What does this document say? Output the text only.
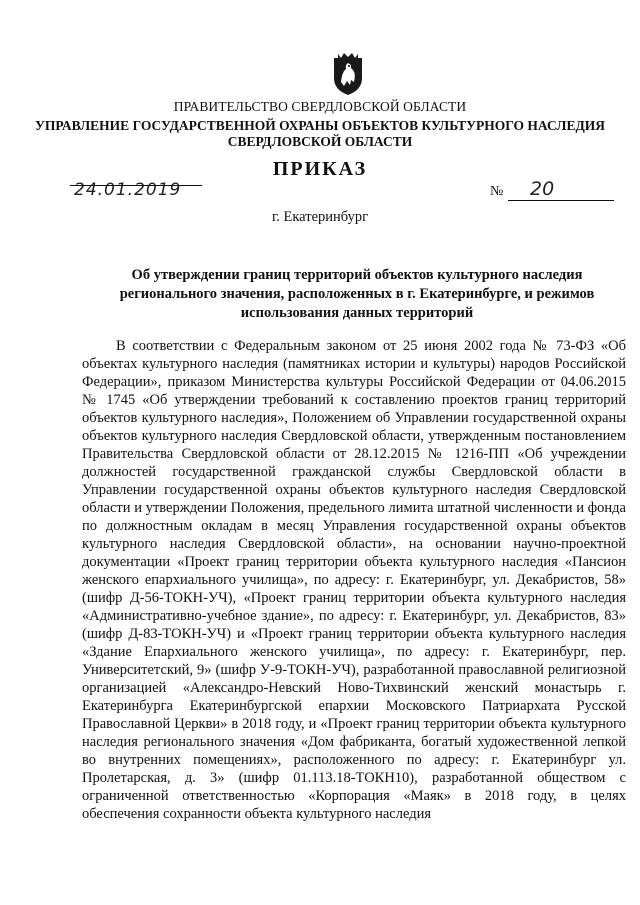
ПРАВИТЕЛЬСТВО СВЕРДЛОВСКОЙ ОБЛАСТИ
УПРАВЛЕНИЕ ГОСУДАРСТВЕННОЙ ОХРАНЫ ОБЪЕКТОВ КУЛЬТУРНОГО НАСЛЕДИЯ
СВЕРДЛОВСКОЙ ОБЛАСТИ
ПРИКАЗ
24.01.2019	№ 20
г. Екатеринбург
Об утверждении границ территорий объектов культурного наследия
регионального значения, расположенных в г. Екатеринбурге, и режимов
использования данных территорий

В соответствии с Федеральным законом от 25 июня 2002 года № 73-ФЗ «Об объектах культурного наследия (памятниках истории и культуры) народов Российской Федерации», приказом Министерства культуры Российской Федерации от 04.06.2015 № 1745 «Об утверждении требований к составлению проектов границ территорий объектов культурного наследия», Положением об Управлении государственной охраны объектов культурного наследия Свердловской области, утвержденным постановлением Правительства Свердловской области от 28.12.2015 № 1216-ПП «Об учреждении должностей государственной гражданской службы Свердловской области в Управлении государственной охраны объектов культурного наследия Свердловской области и утверждении Положения, предельного лимита штатной численности и фонда по должностным окладам в месяц Управления государственной охраны объектов культурного наследия Свердловской области», на основании научно-проектной документации «Проект границ территории объекта культурного наследия «Пансион женского епархиального училища», по адресу: г. Екатеринбург, ул. Декабристов, 58» (шифр Д-56-ТОКН-УЧ), «Проект границ территории объекта культурного наследия «Административно-учебное здание», по адресу: г. Екатеринбург, ул. Декабристов, 83» (шифр Д-83-ТОКН-УЧ) и «Проект границ территории объекта культурного наследия «Здание Епархиального женского училища», по адресу: г. Екатеринбург, пер. Университетский, 9» (шифр У-9-ТОКН-УЧ), разработанной православной религиозной организацией «Александро-Невский Ново-Тихвинский женский монастырь г. Екатеринбурга Екатеринбургской епархии Московского Патриархата Русской Православной Церкви» в 2018 году, и «Проект границ территории объекта культурного наследия регионального значения «Дом фабриканта, богатый художественной лепкой во внутренних помещениях», расположенного по адресу: г. Екатеринбург ул. Пролетарская, д. 3» (шифр 01.113.18-ТОКН10), разработанной обществом с ограниченной ответственностью «Корпорация «Маяк» в 2018 году, в целях обеспечения сохранности объекта культурного наследия
